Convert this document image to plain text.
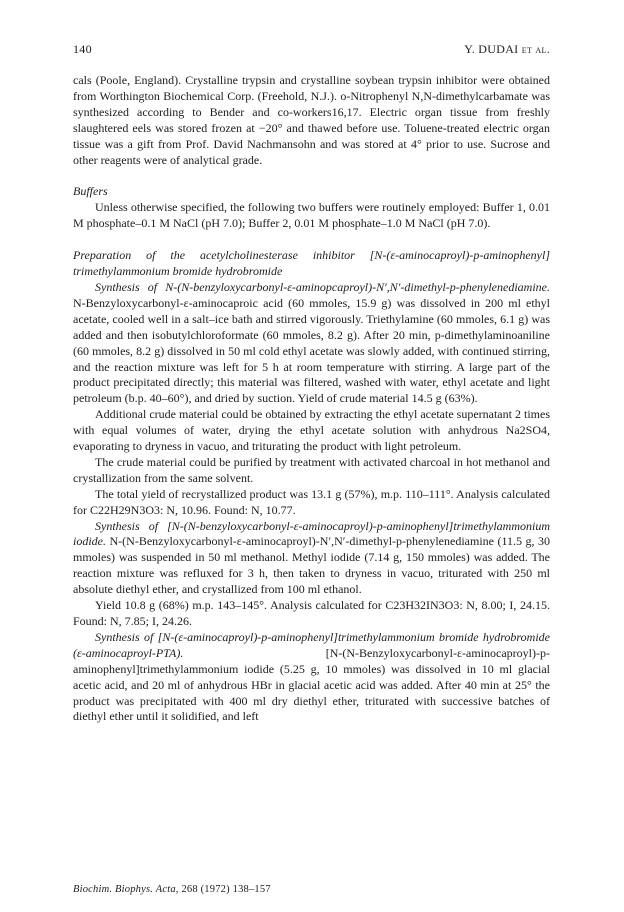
140	Y. DUDAI et al.

cals (Poole, England). Crystalline trypsin and crystalline soybean trypsin inhibitor were obtained from Worthington Biochemical Corp. (Freehold, N.J.). o-Nitrophenyl N,N-dimethylcarbamate was synthesized according to Bender and co-workers16,17. Electric organ tissue from freshly slaughtered eels was stored frozen at −20° and thawed before use. Toluene-treated electric organ tissue was a gift from Prof. David Nachmansohn and was stored at 4° prior to use. Sucrose and other reagents were of analytical grade.

Buffers

Unless otherwise specified, the following two buffers were routinely employed: Buffer 1, 0.01 M phosphate–0.1 M NaCl (pH 7.0); Buffer 2, 0.01 M phosphate–1.0 M NaCl (pH 7.0).

Preparation of the acetylcholinesterase inhibitor [N-(ε-aminocaproyl)-p-aminophenyl] trimethylammonium bromide hydrobromide

Synthesis of N-(N-benzyloxycarbonyl-ε-aminopcaproyl)-N′,N′-dimethyl-p-phenylenediamine. N-Benzyloxycarbonyl-ε-aminocaproic acid (60 mmoles, 15.9 g) was dissolved in 200 ml ethyl acetate, cooled well in a salt–ice bath and stirred vigorously. Triethylamine (60 mmoles, 6.1 g) was added and then isobutylchloroformate (60 mmoles, 8.2 g). After 20 min, p-dimethylaminoaniline (60 mmoles, 8.2 g) dissolved in 50 ml cold ethyl acetate was slowly added, with continued stirring, and the reaction mixture was left for 5 h at room temperature with stirring. A large part of the product precipitated directly; this material was filtered, washed with water, ethyl acetate and light petroleum (b.p. 40–60°), and dried by suction. Yield of crude material 14.5 g (63%).

Additional crude material could be obtained by extracting the ethyl acetate supernatant 2 times with equal volumes of water, drying the ethyl acetate solution with anhydrous Na2SO4, evaporating to dryness in vacuo, and triturating the product with light petroleum.

The crude material could be purified by treatment with activated charcoal in hot methanol and crystallization from the same solvent.

The total yield of recrystallized product was 13.1 g (57%), m.p. 110–111°. Analysis calculated for C22H29N3O3: N, 10.96. Found: N, 10.77.

Synthesis of [N-(N-benzyloxycarbonyl-ε-aminocaproyl)-p-aminophenyl]trimethylammonium iodide. N-(N-Benzyloxycarbonyl-ε-aminocaproyl)-N′,N′-dimethyl-p-phenylenediamine (11.5 g, 30 mmoles) was suspended in 50 ml methanol. Methyl iodide (7.14 g, 150 mmoles) was added. The reaction mixture was refluxed for 3 h, then taken to dryness in vacuo, triturated with 250 ml absolute diethyl ether, and crystallized from 100 ml ethanol.

Yield 10.8 g (68%) m.p. 143–145°. Analysis calculated for C23H32IN3O3: N, 8.00; I, 24.15. Found: N, 7.85; I, 24.26.

Synthesis of [N-(ε-aminocaproyl)-p-aminophenyl]trimethylammonium bromide hydrobromide (ε-aminocaproyl-PTA).	[N-(N-Benzyloxycarbonyl-ε-aminocaproyl)-p-aminophenyl]trimethylammonium iodide (5.25 g, 10 mmoles) was dissolved in 10 ml glacial acetic acid, and 20 ml of anhydrous HBr in glacial acetic acid was added. After 40 min at 25° the product was precipitated with 400 ml dry diethyl ether, triturated with successive batches of diethyl ether until it solidified, and left

Biochim. Biophys. Acta, 268 (1972) 138–157
